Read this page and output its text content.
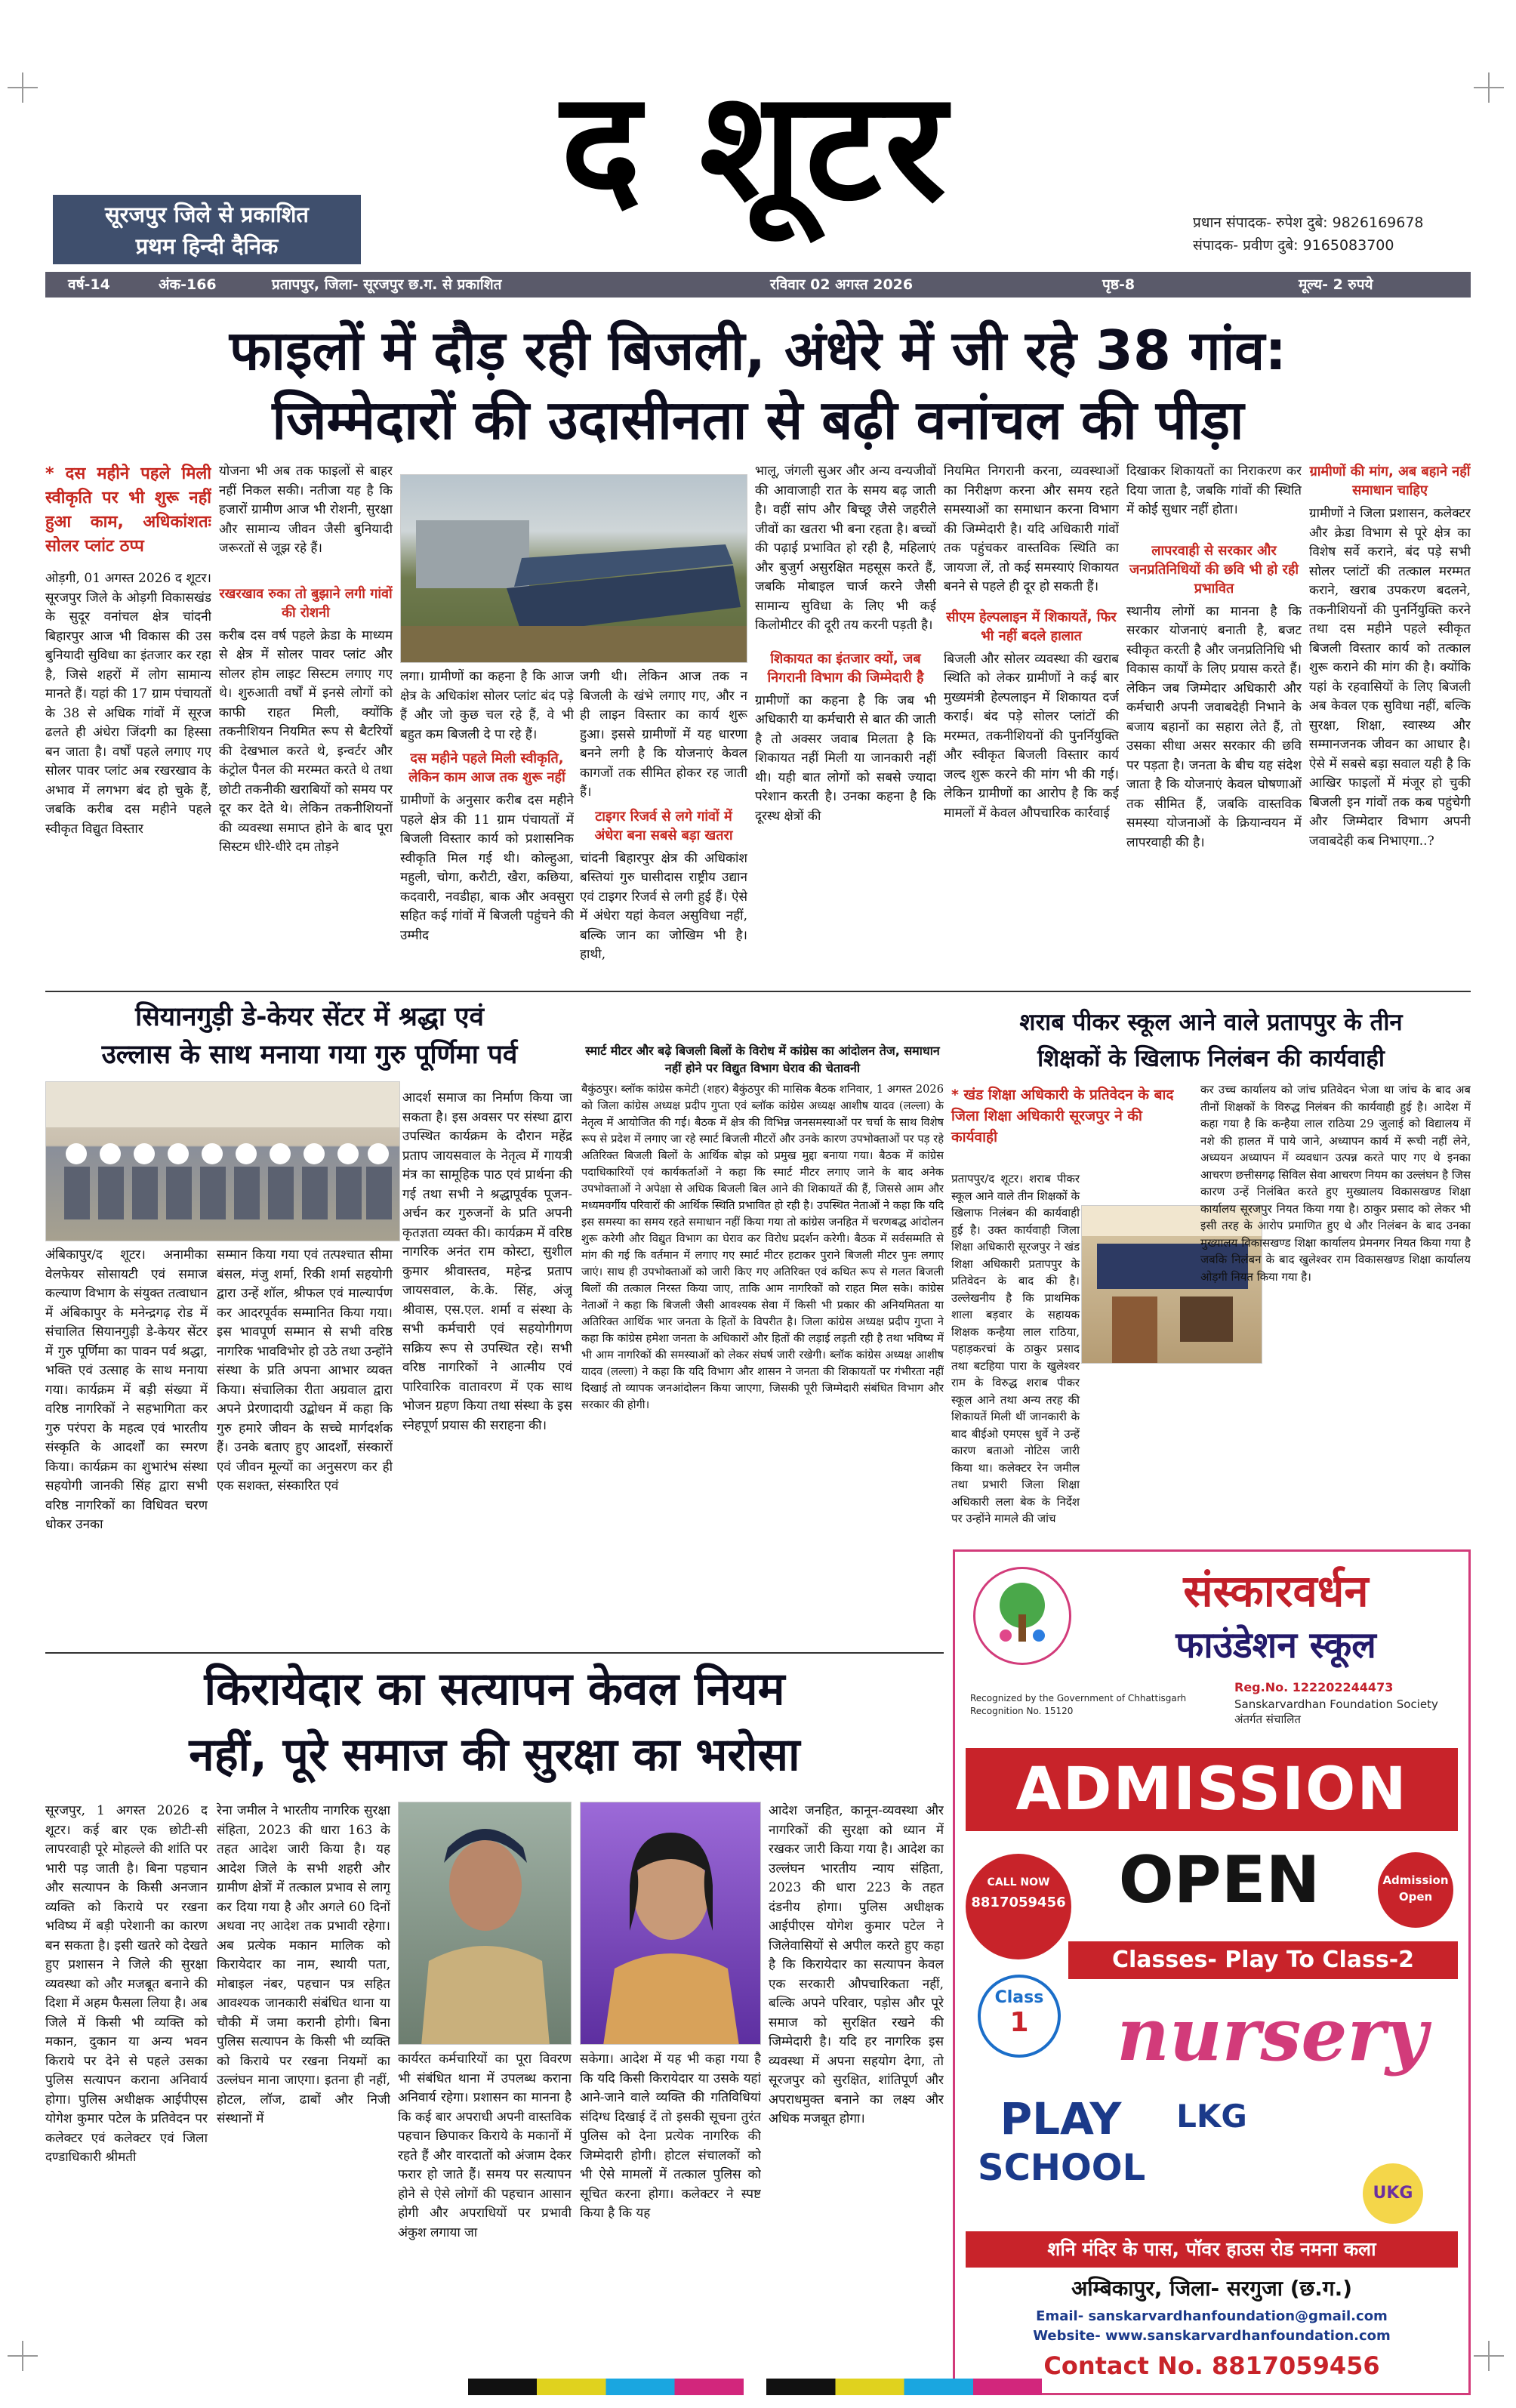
द शूटर
सूरजपुर जिले से प्रकाशित
प्रथम हिन्दी दैनिक
प्रधान संपादक- रुपेश दुबे: 9826169678
संपादक- प्रवीण दुबे: 9165083700
वर्ष-14	अंक-166	प्रतापपुर, जिला- सूरजपुर छ.ग. से प्रकाशित	रविवार 02 अगस्त 2026	पृष्ठ-8	मूल्य- 2 रुपये
फाइलों में दौड़ रही बिजली, अंधेरे में जी रहे 38 गांव:
जिम्मेदारों की उदासीनता से बढ़ी वनांचल की पीड़ा
* दस महीने पहले मिली स्वीकृति पर भी शुरू नहीं हुआ काम, अधिकांशतः सोलर प्लांट ठप्प
ओड़गी, 01 अगस्त 2026 द शूटर। सूरजपुर जिले के ओड़गी विकासखंड के सुदूर वनांचल क्षेत्र चांदनी बिहारपुर आज भी विकास की उस बुनियादी सुविधा का इंतजार कर रहा है, जिसे शहरों में लोग सामान्य मानते हैं। यहां की 17 ग्राम पंचायतों के 38 से अधिक गांवों में सूरज ढलते ही अंधेरा जिंदगी का हिस्सा बन जाता है। वर्षों पहले लगाए गए सोलर पावर प्लांट अब रखरखाव के अभाव में लगभग बंद हो चुके हैं, जबकि करीब दस महीने पहले स्वीकृत विद्युत विस्तार
योजना भी अब तक फाइलों से बाहर नहीं निकल सकी। नतीजा यह है कि हजारों ग्रामीण आज भी रोशनी, सुरक्षा और सामान्य जीवन जैसी बुनियादी जरूरतों से जूझ रहे हैं।
रखरखाव रुका तो बुझाने लगी गांवों की रोशनी
करीब दस वर्ष पहले क्रेडा के माध्यम से क्षेत्र में सोलर पावर प्लांट और सोलर होम लाइट सिस्टम लगाए गए थे। शुरुआती वर्षों में इनसे लोगों को काफी राहत मिली, क्योंकि तकनीशियन नियमित रूप से बैटरियों की देखभाल करते थे, इन्वर्टर और कंट्रोल पैनल की मरम्मत करते थे तथा छोटी तकनीकी खराबियों को समय पर दूर कर देते थे। लेकिन तकनीशियनों की व्यवस्था समाप्त होने के बाद पूरा सिस्टम धीरे-धीरे दम तोड़ने
लगा। ग्रामीणों का कहना है कि आज क्षेत्र के अधिकांश सोलर प्लांट बंद पड़े हैं और जो कुछ चल रहे हैं, वे भी बहुत कम बिजली दे पा रहे हैं।
दस महीने पहले मिली स्वीकृति, लेकिन काम आज तक शुरू नहीं
ग्रामीणों के अनुसार करीब दस महीने पहले क्षेत्र की 11 ग्राम पंचायतों में बिजली विस्तार कार्य को प्रशासनिक स्वीकृति मिल गई थी। कोल्हुआ, महुली, चोगा, करौटी, खैरा, कछिया, कदवारी, नवडीहा, बाक और अवसुरा सहित कई गांवों में बिजली पहुंचने की उम्मीद
जगी थी। लेकिन आज तक न बिजली के खंभे लगाए गए, और न ही लाइन विस्तार का कार्य शुरू हुआ। इससे ग्रामीणों में यह धारणा बनने लगी है कि योजनाएं केवल कागजों तक सीमित होकर रह जाती हैं।
टाइगर रिजर्व से लगे गांवों में अंधेरा बना सबसे बड़ा खतरा
चांदनी बिहारपुर क्षेत्र की अधिकांश बस्तियां गुरु घासीदास राष्ट्रीय उद्यान एवं टाइगर रिजर्व से लगी हुई हैं। ऐसे में अंधेरा यहां केवल असुविधा नहीं, बल्कि जान का जोखिम भी है। हाथी,
भालू, जंगली सुअर और अन्य वन्यजीवों की आवाजाही रात के समय बढ़ जाती है। वहीं सांप और बिच्छू जैसे जहरीले जीवों का खतरा भी बना रहता है। बच्चों की पढ़ाई प्रभावित हो रही है, महिलाएं और बुजुर्ग असुरक्षित महसूस करते हैं, जबकि मोबाइल चार्ज करने जैसी सामान्य सुविधा के लिए भी कई किलोमीटर की दूरी तय करनी पड़ती है।
शिकायत का इंतजार क्यों, जब निगरानी विभाग की जिम्मेदारी है
ग्रामीणों का कहना है कि जब भी अधिकारी या कर्मचारी से बात की जाती है तो अक्सर जवाब मिलता है कि शिकायत नहीं मिली या जानकारी नहीं थी। यही बात लोगों को सबसे ज्यादा परेशान करती है। उनका कहना है कि दूरस्थ क्षेत्रों की
नियमित निगरानी करना, व्यवस्थाओं का निरीक्षण करना और समय रहते समस्याओं का समाधान करना विभाग की जिम्मेदारी है। यदि अधिकारी गांवों तक पहुंचकर वास्तविक स्थिति का जायजा लें, तो कई समस्याएं शिकायत बनने से पहले ही दूर हो सकती हैं।
सीएम हेल्पलाइन में शिकायतें, फिर भी नहीं बदले हालात
बिजली और सोलर व्यवस्था की खराब स्थिति को लेकर ग्रामीणों ने कई बार मुख्यमंत्री हेल्पलाइन में शिकायत दर्ज कराई। बंद पड़े सोलर प्लांटों की मरम्मत, तकनीशियनों की पुनर्नियुक्ति और स्वीकृत बिजली विस्तार कार्य जल्द शुरू करने की मांग भी की गई। लेकिन ग्रामीणों का आरोप है कि कई मामलों में केवल औपचारिक कार्रवाई
दिखाकर शिकायतों का निराकरण कर दिया जाता है, जबकि गांवों की स्थिति में कोई सुधार नहीं होता।
लापरवाही से सरकार और जनप्रतिनिधियों की छवि भी हो रही प्रभावित
स्थानीय लोगों का मानना है कि सरकार योजनाएं बनाती है, बजट स्वीकृत करती है और जनप्रतिनिधि भी विकास कार्यों के लिए प्रयास करते हैं। लेकिन जब जिम्मेदार अधिकारी और कर्मचारी अपनी जवाबदेही निभाने के बजाय बहानों का सहारा लेते हैं, तो उसका सीधा असर सरकार की छवि पर पड़ता है। जनता के बीच यह संदेश जाता है कि योजनाएं केवल घोषणाओं तक सीमित हैं, जबकि वास्तविक समस्या योजनाओं के क्रियान्वयन में लापरवाही की है।
ग्रामीणों की मांग, अब बहाने नहीं समाधान चाहिए
ग्रामीणों ने जिला प्रशासन, कलेक्टर और क्रेडा विभाग से पूरे क्षेत्र का विशेष सर्वे कराने, बंद पड़े सभी सोलर प्लांटों की तत्काल मरम्मत कराने, खराब उपकरण बदलने, तकनीशियनों की पुनर्नियुक्ति करने तथा दस महीने पहले स्वीकृत बिजली विस्तार कार्य को तत्काल शुरू कराने की मांग की है। क्योंकि यहां के रहवासियों के लिए बिजली अब केवल एक सुविधा नहीं, बल्कि सुरक्षा, शिक्षा, स्वास्थ्य और सम्मानजनक जीवन का आधार है। ऐसे में सबसे बड़ा सवाल यही है कि आखिर फाइलों में मंजूर हो चुकी बिजली इन गांवों तक कब पहुंचेगी और जिम्मेदार विभाग अपनी जवाबदेही कब निभाएगा..?
सियानगुड़ी डे-केयर सेंटर में श्रद्धा एवं
उल्लास के साथ मनाया गया गुरु पूर्णिमा पर्व
अंबिकापुर/द शूटर। अनामीका वेलफेयर सोसायटी एवं समाज कल्याण विभाग के संयुक्त तत्वाधान में अंबिकापुर के मनेन्द्रगढ़ रोड में संचालित सियानगुड़ी डे-केयर सेंटर में गुरु पूर्णिमा का पावन पर्व श्रद्धा, भक्ति एवं उत्साह के साथ मनाया गया। कार्यक्रम में बड़ी संख्या में वरिष्ठ नागरिकों ने सहभागिता कर गुरु परंपरा के महत्व एवं भारतीय संस्कृति के आदर्शों का स्मरण किया। कार्यक्रम का शुभारंभ संस्था सहयोगी जानकी सिंह द्वारा सभी वरिष्ठ नागरिकों का विधिवत चरण धोकर उनका
सम्मान किया गया एवं तत्पश्चात सीमा बंसल, मंजु शर्मा, रिकी शर्मा सहयोगी द्वारा उन्हें शॉल, श्रीफल एवं माल्यार्पण कर आदरपूर्वक सम्मानित किया गया। इस भावपूर्ण सम्मान से सभी वरिष्ठ नागरिक भावविभोर हो उठे तथा उन्होंने संस्था के प्रति अपना आभार व्यक्त किया। संचालिका रीता अग्रवाल द्वारा अपने प्रेरणादायी उद्बोधन में कहा कि गुरु हमारे जीवन के सच्चे मार्गदर्शक हैं। उनके बताए हुए आदर्शों, संस्कारों एवं जीवन मूल्यों का अनुसरण कर ही एक सशक्त, संस्कारित एवं
आदर्श समाज का निर्माण किया जा सकता है। इस अवसर पर संस्था द्वारा उपस्थित कार्यक्रम के दौरान महेंद्र प्रताप जायसवाल के नेतृत्व में गायत्री मंत्र का सामूहिक पाठ एवं प्रार्थना की गई तथा सभी ने श्रद्धापूर्वक पूजन-अर्चन कर गुरुजनों के प्रति अपनी कृतज्ञता व्यक्त की। कार्यक्रम में वरिष्ठ नागरिक अनंत राम कोस्टा, सुशील कुमार श्रीवास्तव, महेन्द्र प्रताप जायसवाल, के.के. सिंह, अंजू श्रीवास, एस.एल. शर्मा व संस्था के सभी कर्मचारी एवं सहयोगीगण सक्रिय रूप से उपस्थित रहे। सभी वरिष्ठ नागरिकों ने आत्मीय एवं पारिवारिक वातावरण में एक साथ भोजन ग्रहण किया तथा संस्था के इस स्नेहपूर्ण प्रयास की सराहना की।
स्मार्ट मीटर और बढ़े बिजली बिलों के विरोध में कांग्रेस का आंदोलन तेज, समाधान नहीं होने पर विद्युत विभाग घेराव की चेतावनी
बैकुंठपुर। ब्लॉक कांग्रेस कमेटी (शहर) बैकुंठपुर की मासिक बैठक शनिवार, 1 अगस्त 2026 को जिला कांग्रेस अध्यक्ष प्रदीप गुप्ता एवं ब्लॉक कांग्रेस अध्यक्ष आशीष यादव (लल्ला) के नेतृत्व में आयोजित की गई। बैठक में क्षेत्र की विभिन्न जनसमस्याओं पर चर्चा के साथ विशेष रूप से प्रदेश में लगाए जा रहे स्मार्ट बिजली मीटरों और उनके कारण उपभोक्ताओं पर पड़ रहे अतिरिक्त बिजली बिलों के आर्थिक बोझ को प्रमुख मुद्दा बनाया गया। बैठक में कांग्रेस पदाधिकारियों एवं कार्यकर्ताओं ने कहा कि स्मार्ट मीटर लगाए जाने के बाद अनेक उपभोक्ताओं ने अपेक्षा से अधिक बिजली बिल आने की शिकायतें की हैं, जिससे आम और मध्यमवर्गीय परिवारों की आर्थिक स्थिति प्रभावित हो रही है। उपस्थित नेताओं ने कहा कि यदि इस समस्या का समय रहते समाधान नहीं किया गया तो कांग्रेस जनहित में चरणबद्ध आंदोलन शुरू करेगी और विद्युत विभाग का घेराव कर विरोध प्रदर्शन करेगी। बैठक में सर्वसम्मति से मांग की गई कि वर्तमान में लगाए गए स्मार्ट मीटर हटाकर पुराने बिजली मीटर पुनः लगाए जाएं। साथ ही उपभोक्ताओं को जारी किए गए अतिरिक्त एवं कथित रूप से गलत बिजली बिलों की तत्काल निरस्त किया जाए, ताकि आम नागरिकों को राहत मिल सके। कांग्रेस नेताओं ने कहा कि बिजली जैसी आवश्यक सेवा में किसी भी प्रकार की अनियमितता या अतिरिक्त आर्थिक भार जनता के हितों के विपरीत है। जिला कांग्रेस अध्यक्ष प्रदीप गुप्ता ने कहा कि कांग्रेस हमेशा जनता के अधिकारों और हितों की लड़ाई लड़ती रही है तथा भविष्य में भी आम नागरिकों की समस्याओं को लेकर संघर्ष जारी रखेगी। ब्लॉक कांग्रेस अध्यक्ष आशीष यादव (लल्ला) ने कहा कि यदि विभाग और शासन ने जनता की शिकायतों पर गंभीरता नहीं दिखाई तो व्यापक जनआंदोलन किया जाएगा, जिसकी पूरी जिम्मेदारी संबंधित विभाग और सरकार की होगी।
शराब पीकर स्कूल आने वाले प्रतापपुर के तीन
शिक्षकों के खिलाफ निलंबन की कार्यवाही
* खंड शिक्षा अधिकारी के प्रतिवेदन के बाद जिला शिक्षा अधिकारी सूरजपुर ने की कार्यवाही
प्रतापपुर/द शूटर। शराब पीकर स्कूल आने वाले तीन शिक्षकों के खिलाफ निलंबन की कार्यवाही हुई है। उक्त कार्यवाही जिला शिक्षा अधिकारी सूरजपुर ने खंड शिक्षा अधिकारी प्रतापपुर के प्रतिवेदन के बाद की है। उल्लेखनीय है कि प्राथमिक शाला बड़वार के सहायक शिक्षक कन्हैया लाल राठिया, पहाड़करचां के ठाकुर प्रसाद तथा बटहिया पारा के खुलेश्वर राम के विरुद्ध शराब पीकर स्कूल आने तथा अन्य तरह की शिकायतें मिली थीं जानकारी के बाद बीईओ एमएस धुर्वे ने उन्हें कारण बताओ नोटिस जारी किया था। कलेक्टर रेन जमील तथा प्रभारी जिला शिक्षा अधिकारी लला बेक के निर्देश पर उन्होंने मामले की जांच
कर उच्च कार्यालय को जांच प्रतिवेदन भेजा था जांच के बाद अब तीनों शिक्षकों के विरुद्ध निलंबन की कार्यवाही हुई है। आदेश में कहा गया है कि कन्हैया लाल राठिया 29 जुलाई को विद्यालय में नशे की हालत में पाये जाने, अध्यापन कार्य में रूची नहीं लेने, अध्ययन अध्यापन में व्यवधान उत्पन्न करते पाए गए थे इनका आचरण छत्तीसगढ़ सिविल सेवा आचरण नियम का उल्लंघन है जिस कारण उन्हें निलंबित करते हुए मुख्यालय विकासखण्ड शिक्षा कार्यालय सूरजपुर नियत किया गया है। ठाकुर प्रसाद को लेकर भी इसी तरह के आरोप प्रमाणित हुए थे और निलंबन के बाद उनका मुख्यालय विकासखण्ड शिक्षा कार्यालय प्रेमनगर नियत किया गया है जबकि निलंबन के बाद खुलेश्वर राम विकासखण्ड शिक्षा कार्यालय ओड़गी नियत किया गया है।
किरायेदार का सत्यापन केवल नियम
नहीं, पूरे समाज की सुरक्षा का भरोसा
सूरजपुर, 1 अगस्त 2026 द शूटर। कई बार एक छोटी-सी लापरवाही पूरे मोहल्ले की शांति पर भारी पड़ जाती है। बिना पहचान और सत्यापन के किसी अनजान व्यक्ति को किराये पर रखना भविष्य में बड़ी परेशानी का कारण बन सकता है। इसी खतरे को देखते हुए प्रशासन ने जिले की सुरक्षा व्यवस्था को और मजबूत बनाने की दिशा में अहम फैसला लिया है। अब जिले में किसी भी व्यक्ति को मकान, दुकान या अन्य भवन किराये पर देने से पहले उसका पुलिस सत्यापन कराना अनिवार्य होगा। पुलिस अधीक्षक आईपीएस योगेश कुमार पटेल के प्रतिवेदन पर कलेक्टर एवं कलेक्टर एवं जिला दण्डाधिकारी श्रीमती
रेना जमील ने भारतीय नागरिक सुरक्षा संहिता, 2023 की धारा 163 के तहत आदेश जारी किया है। यह आदेश जिले के सभी शहरी और ग्रामीण क्षेत्रों में तत्काल प्रभाव से लागू कर दिया गया है और अगले 60 दिनों अथवा नए आदेश तक प्रभावी रहेगा। अब प्रत्येक मकान मालिक को किरायेदार का नाम, स्थायी पता, मोबाइल नंबर, पहचान पत्र सहित आवश्यक जानकारी संबंधित थाना या चौकी में जमा करानी होगी। बिना पुलिस सत्यापन के किसी भी व्यक्ति को किराये पर रखना नियमों का उल्लंघन माना जाएगा। इतना ही नहीं, होटल, लॉज, ढाबों और निजी संस्थानों में
कार्यरत कर्मचारियों का पूरा विवरण भी संबंधित थाना में उपलब्ध कराना अनिवार्य रहेगा। प्रशासन का मानना है कि कई बार अपराधी अपनी वास्तविक पहचान छिपाकर किराये के मकानों में रहते हैं और वारदातों को अंजाम देकर फरार हो जाते हैं। समय पर सत्यापन होने से ऐसे लोगों की पहचान आसान होगी और अपराधियों पर प्रभावी अंकुश लगाया जा
सकेगा। आदेश में यह भी कहा गया है कि यदि किसी किरायेदार या उसके यहां आने-जाने वाले व्यक्ति की गतिविधियां संदिग्ध दिखाई दें तो इसकी सूचना तुरंत पुलिस को देना प्रत्येक नागरिक की जिम्मेदारी होगी। होटल संचालकों को भी ऐसे मामलों में तत्काल पुलिस को सूचित करना होगा। कलेक्टर ने स्पष्ट किया है कि यह
आदेश जनहित, कानून-व्यवस्था और नागरिकों की सुरक्षा को ध्यान में रखकर जारी किया गया है। आदेश का उल्लंघन भारतीय न्याय संहिता, 2023 की धारा 223 के तहत दंडनीय होगा। पुलिस अधीक्षक आईपीएस योगेश कुमार पटेल ने जिलेवासियों से अपील करते हुए कहा है कि किरायेदार का सत्यापन केवल एक सरकारी औपचारिकता नहीं, बल्कि अपने परिवार, पड़ोस और पूरे समाज को सुरक्षित रखने की जिम्मेदारी है। यदि हर नागरिक इस व्यवस्था में अपना सहयोग देगा, तो सूरजपुर को सुरक्षित, शांतिपूर्ण और अपराधमुक्त बनाने का लक्ष्य और अधिक मजबूत होगा।
संस्कारवर्धन
फाउंडेशन स्कूल
Reg.No. 122202244473
Sanskarvardhan Foundation Society अंतर्गत संचालित
Recognized by the Government of Chhattisgarh Recognition No. 15120
ADMISSION
CALL NOW
8817059456 OPEN	Admission Open
Class
1
Classes- Play To Class-2
nursery
PLAY
SCHOOL
LKG
UKG
शनि मंदिर के पास, पॉवर हाउस रोड नमना कला
अम्बिकापुर, जिला- सरगुजा (छ.ग.)
Email- sanskarvardhanfoundation@gmail.com
Website- www.sanskarvardhanfoundation.com
Contact No. 8817059456
